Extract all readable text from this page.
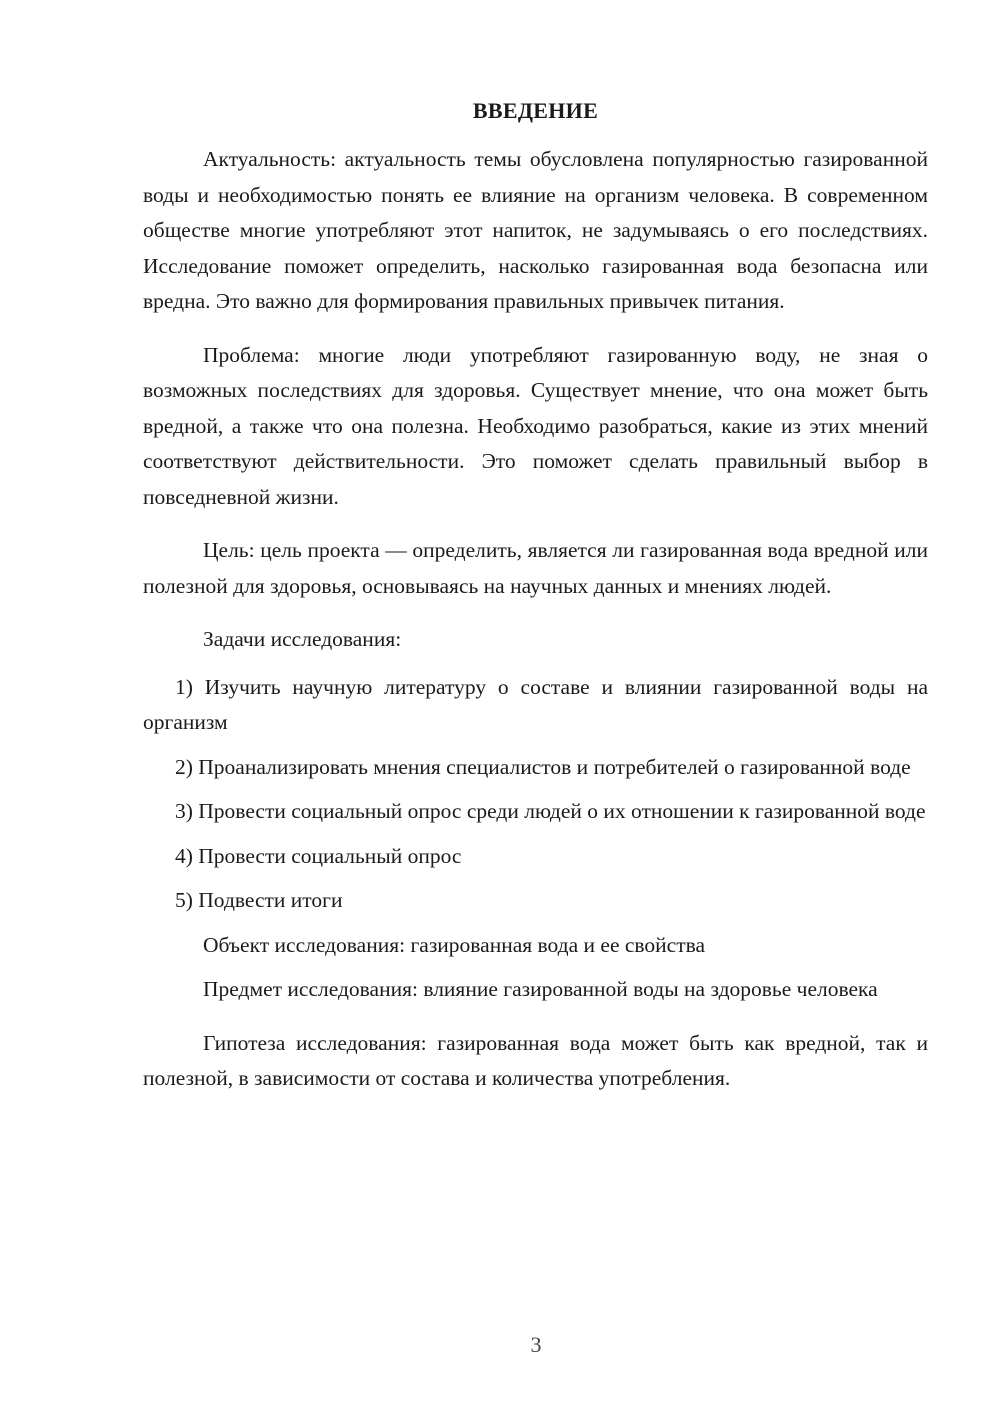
ВВЕДЕНИЕ

Актуальность: актуальность темы обусловлена популярностью газированной воды и необходимостью понять ее влияние на организм человека. В современном обществе многие употребляют этот напиток, не задумываясь о его последствиях. Исследование поможет определить, насколько газированная вода безопасна или вредна. Это важно для формирования правильных привычек питания.

Проблема: многие люди употребляют газированную воду, не зная о возможных последствиях для здоровья. Существует мнение, что она может быть вредной, а также что она полезна. Необходимо разобраться, какие из этих мнений соответствуют действительности. Это поможет сделать правильный выбор в повседневной жизни.

Цель: цель проекта — определить, является ли газированная вода вредной или полезной для здоровья, основываясь на научных данных и мнениях людей.

Задачи исследования:

1) Изучить научную литературу о составе и влиянии газированной воды на организм

2) Проанализировать мнения специалистов и потребителей о газированной воде

3) Провести социальный опрос среди людей о их отношении к газированной воде

4) Провести социальный опрос

5) Подвести итоги

Объект исследования: газированная вода и ее свойства

Предмет исследования: влияние газированной воды на здоровье человека

Гипотеза исследования: газированная вода может быть как вредной, так и полезной, в зависимости от состава и количества употребления.

3
